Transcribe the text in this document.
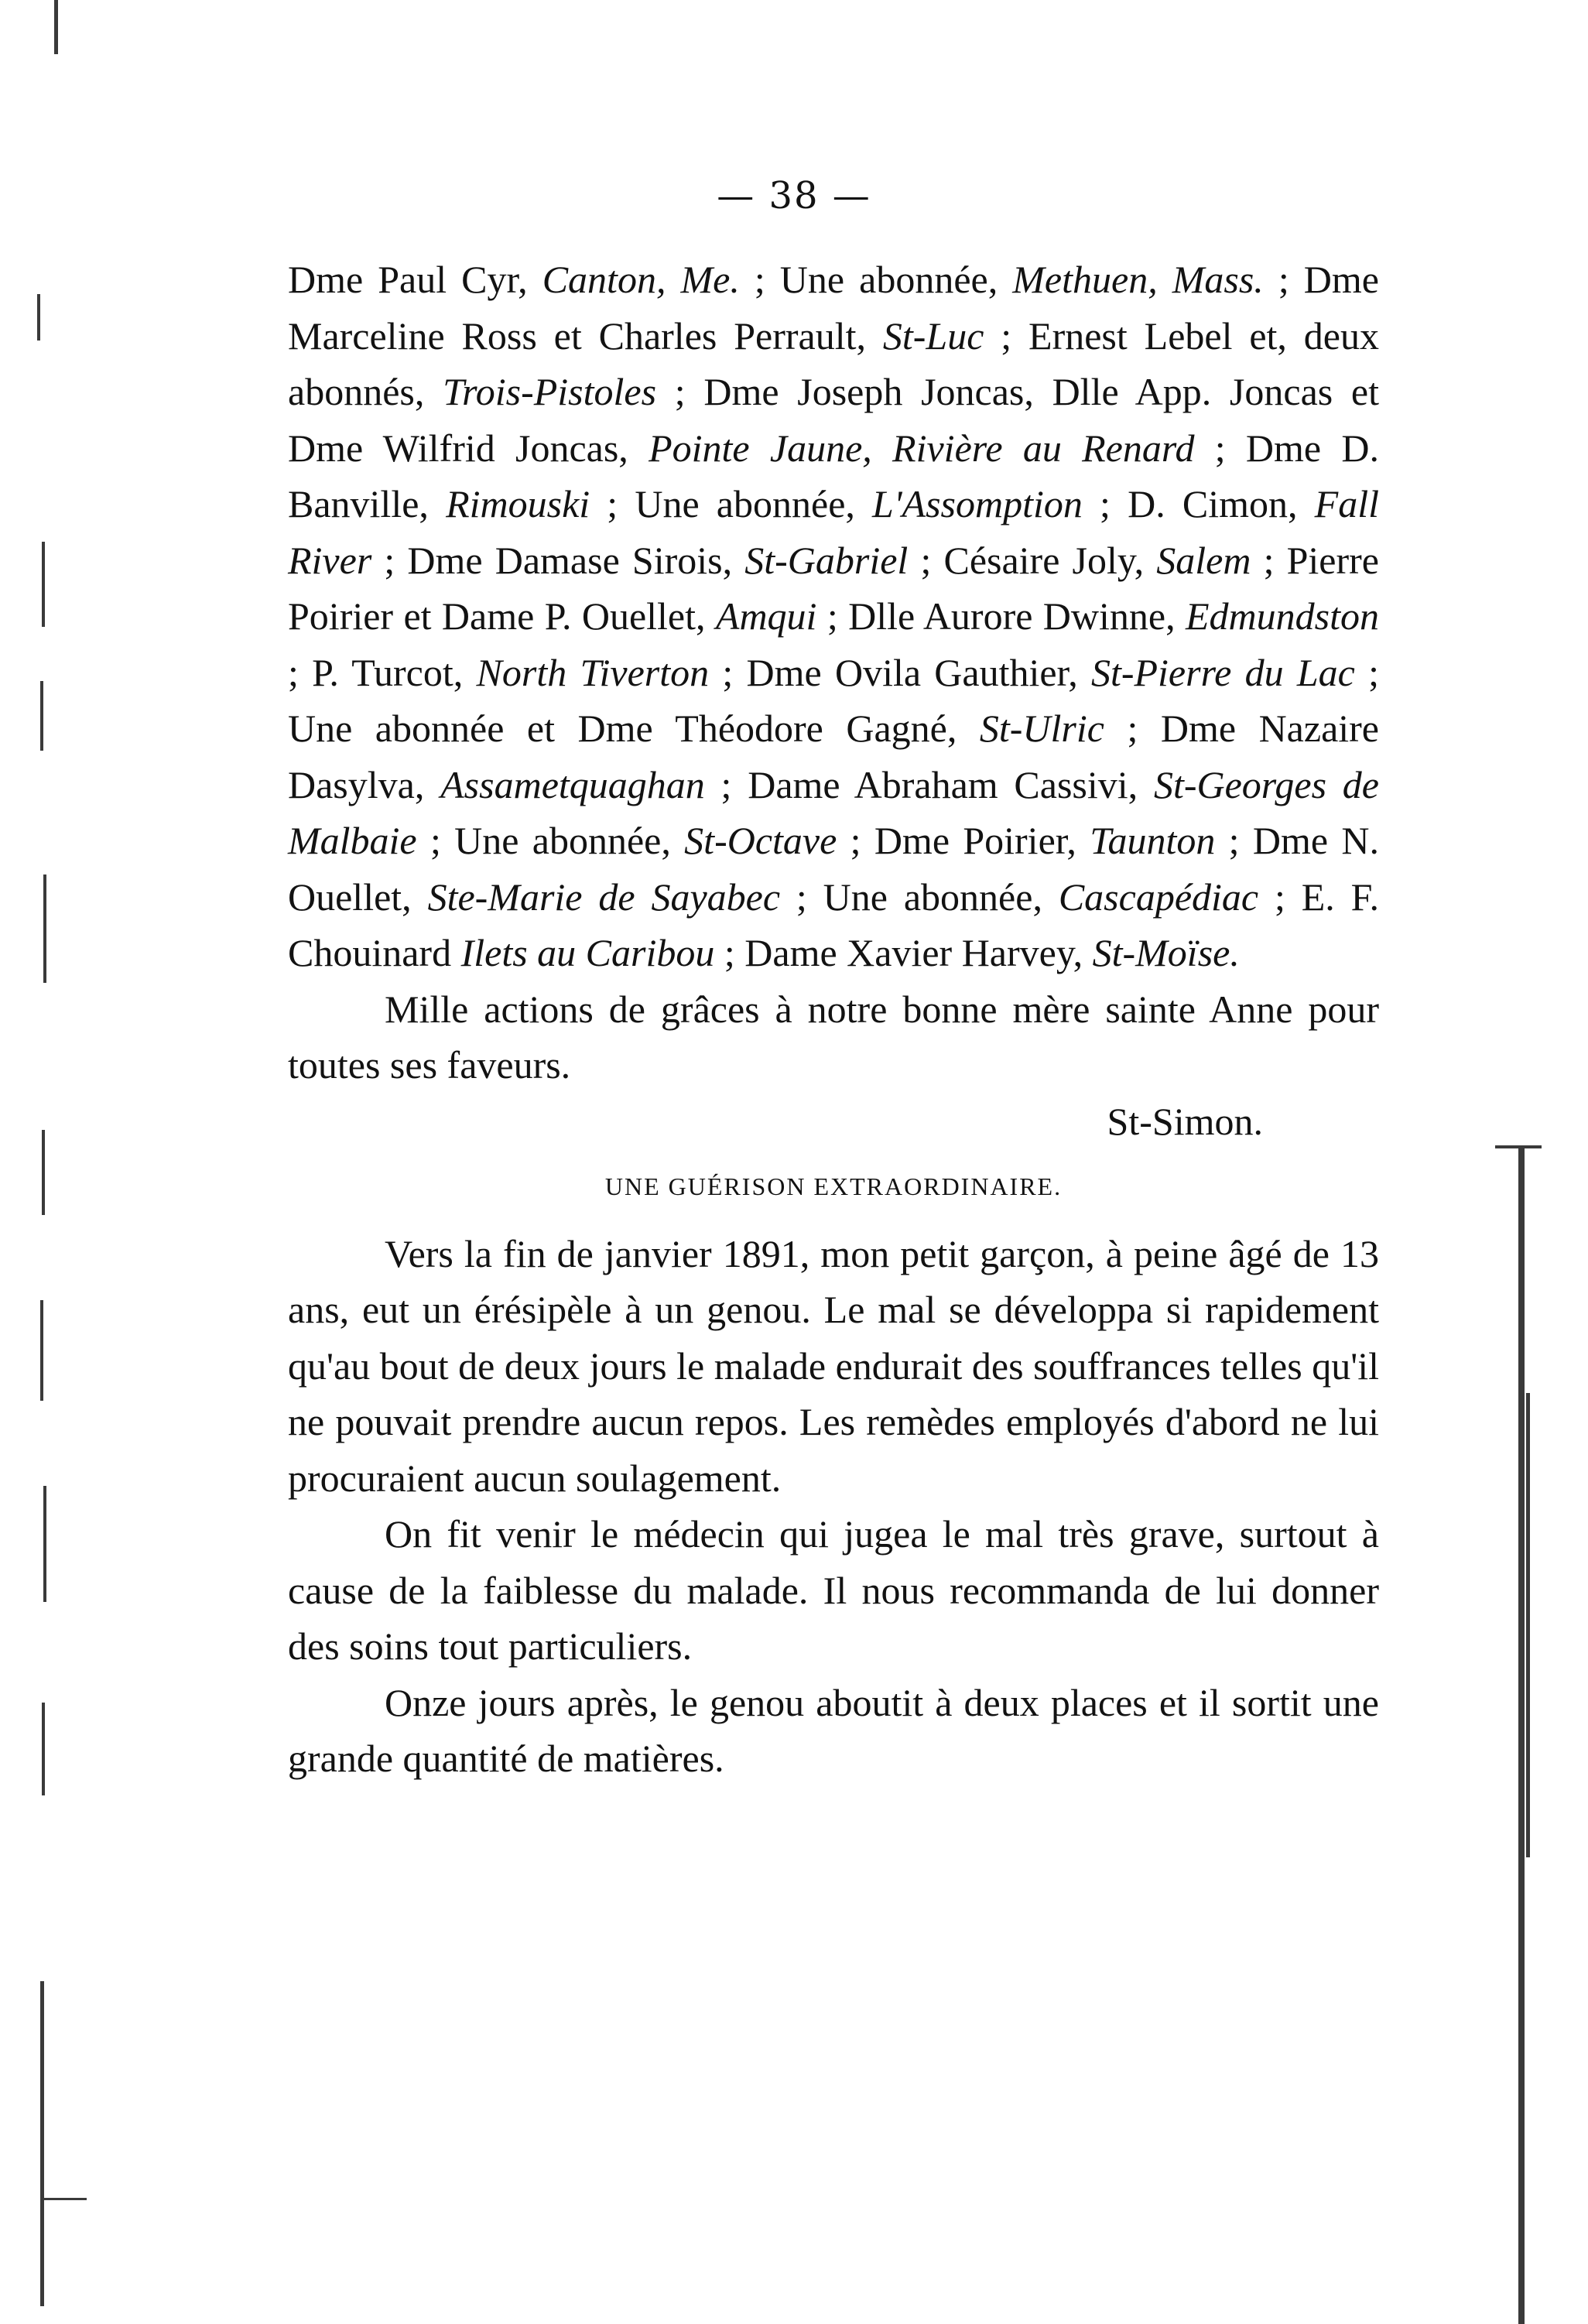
— 38 —

Dme Paul Cyr, Canton, Me. ; Une abonnée, Methuen, Mass. ; Dme Marceline Ross et Charles Perrault, St-Luc ; Ernest Lebel et, deux abonnés, Trois-Pistoles ; Dme Joseph Joncas, Dlle App. Joncas et Dme Wilfrid Joncas, Pointe Jaune, Rivière au Renard ; Dme D. Banville, Rimouski ; Une abonnée, L'Assomption ; D. Cimon, Fall River ; Dme Damase Sirois, St-Gabriel ; Césaire Joly, Salem ; Pierre Poirier et Dame P. Ouellet, Amqui ; Dlle Aurore Dwinne, Edmundston ; P. Turcot, North Tiverton ; Dme Ovila Gauthier, St-Pierre du Lac ; Une abonnée et Dme Théodore Gagné, St-Ulric ; Dme Nazaire Dasylva, Assametquaghan ; Dame Abraham Cassivi, St-Georges de Malbaie ; Une abonnée, St-Octave ; Dme Poirier, Taunton ; Dme N. Ouellet, Ste-Marie de Sayabec ; Une abonnée, Cascapédiac ; E. F. Chouinard Ilets au Caribou ; Dame Xavier Harvey, St-Moïse.

Mille actions de grâces à notre bonne mère sainte Anne pour toutes ses faveurs.

St-Simon.

UNE GUÉRISON EXTRAORDINAIRE.

Vers la fin de janvier 1891, mon petit garçon, à peine âgé de 13 ans, eut un érésipèle à un genou. Le mal se développa si rapidement qu'au bout de deux jours le malade endurait des souffrances telles qu'il ne pouvait prendre aucun repos. Les remèdes employés d'abord ne lui procuraient aucun soulagement.

On fit venir le médecin qui jugea le mal très grave, surtout à cause de la faiblesse du malade. Il nous recommanda de lui donner des soins tout particuliers.

Onze jours après, le genou aboutit à deux places et il sortit une grande quantité de matières.
